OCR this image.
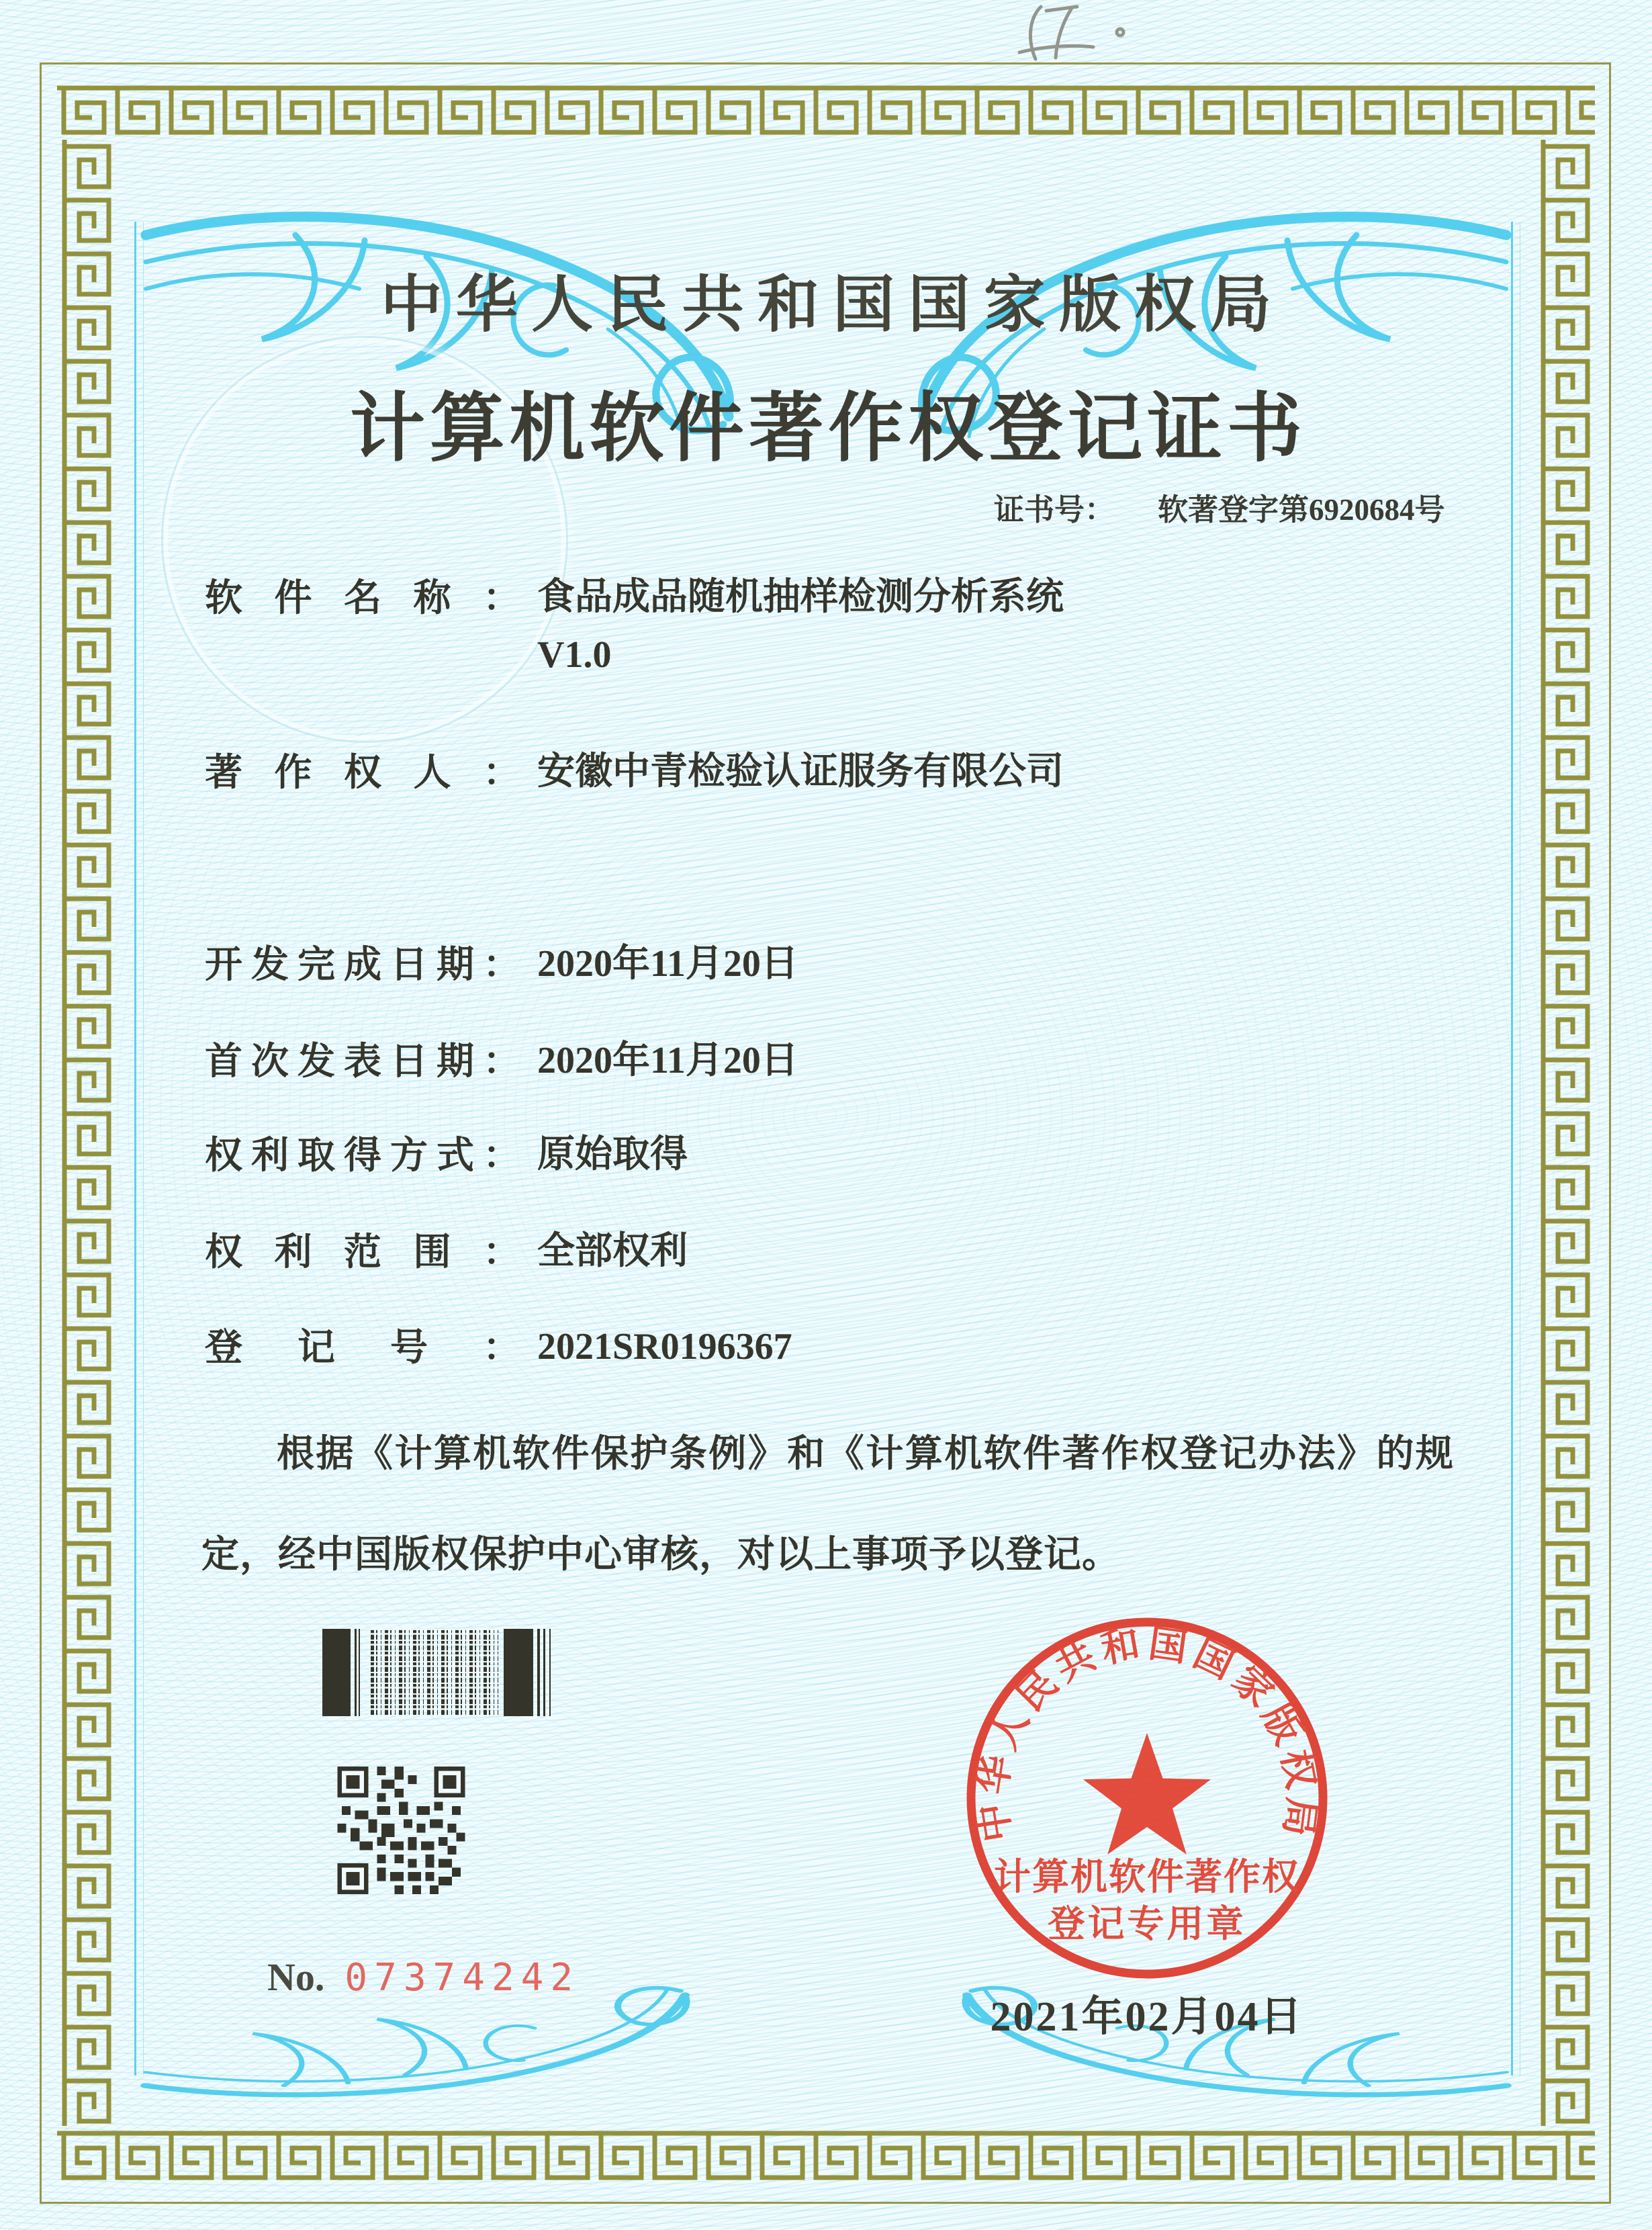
中华人民共和国国家版权局
计算机软件著作权登记证书
证书号： 软著登字第6920684号
软件名称： 食品成品随机抽样检测分析系统
V1.0
著作权人： 安徽中青检验认证服务有限公司
开发完成日期： 2020年11月20日
首次发表日期： 2020年11月20日
权利取得方式： 原始取得
权利范围： 全部权利
登记号： 2021SR0196367
根据《计算机软件保护条例》和《计算机软件著作权登记办法》的规定，经中国版权保护中心审核，对以上事项予以登记。
中华人民共和国国家版权局
计算机软件著作权
登记专用章
2021年02月04日
No. 07374242
